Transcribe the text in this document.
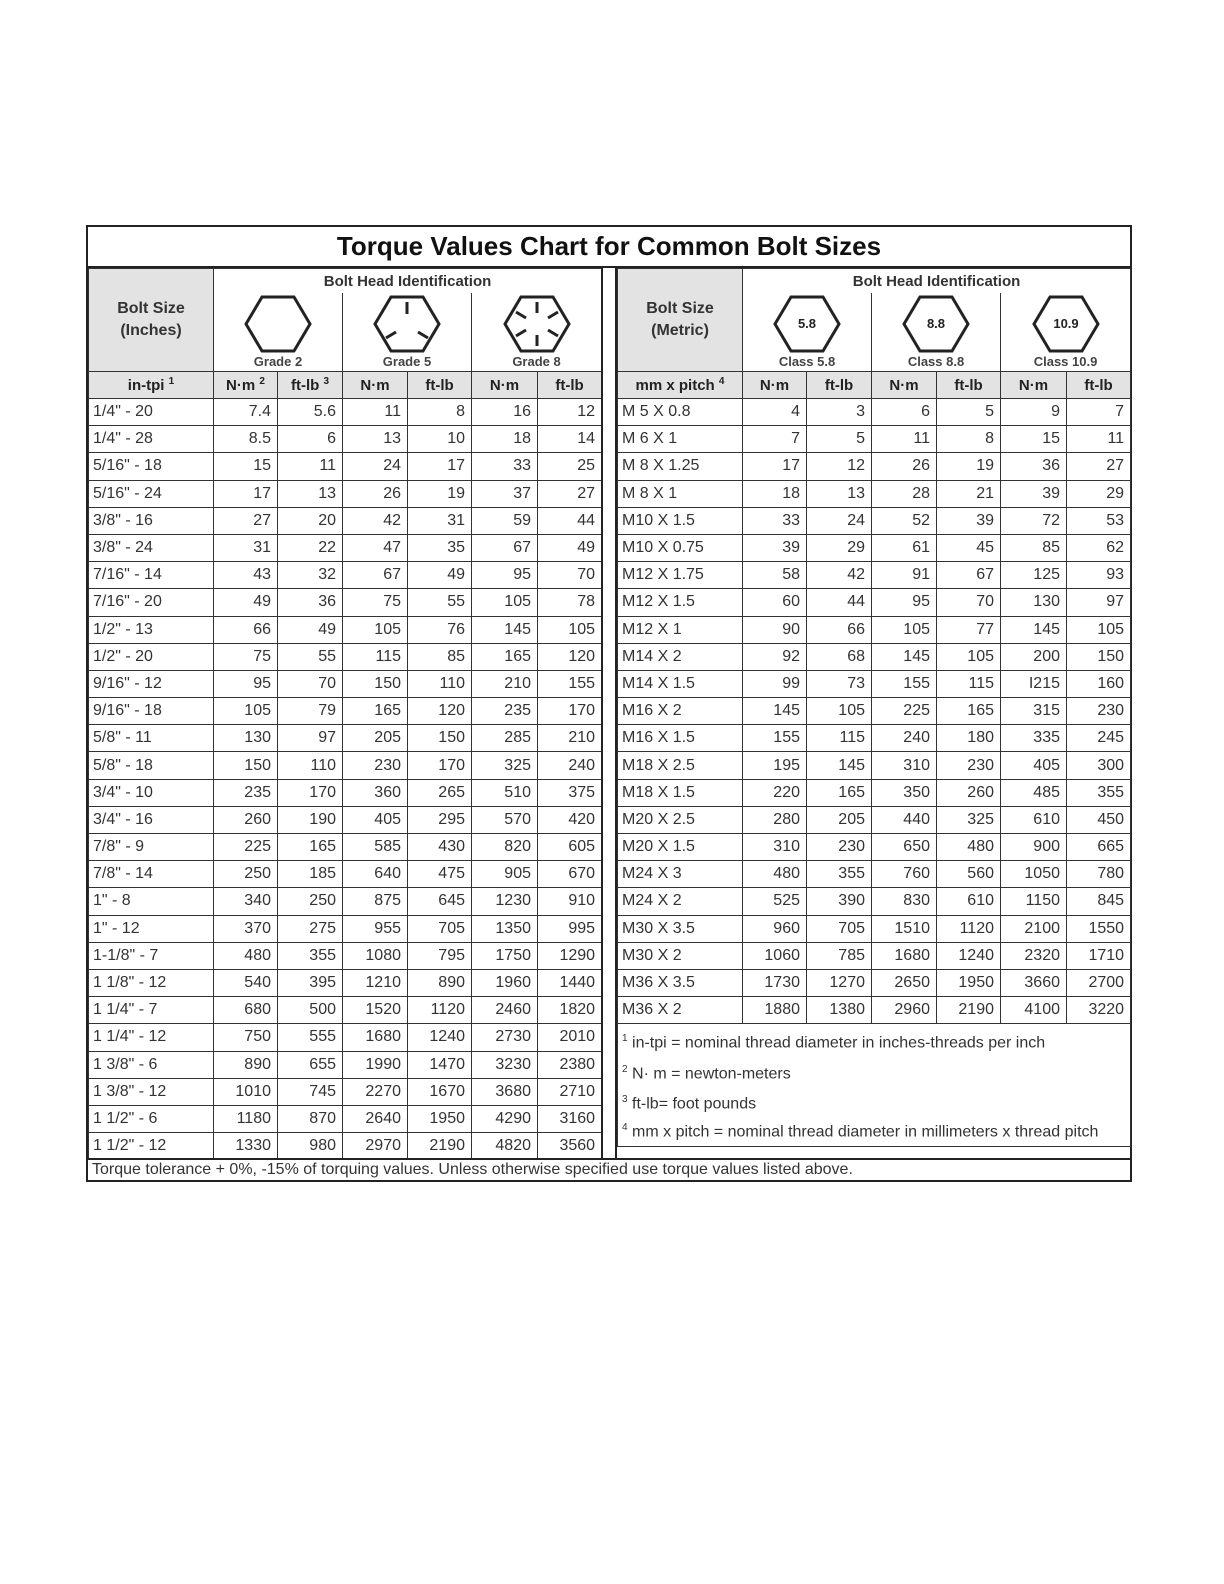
Torque Values Chart for Common Bolt Sizes
Bolt Size
(Inches)	Bolt Head Identification					

	Grade 2		Grade 5		Grade 8	

in-tpi $^1$	N·m $^2$	ft-lb $^3$	N·m	ft-lb	N·m	ft-lb
1/4" - 20	7.4	5.6	11	8	16	12
1/4" - 28	8.5	6	13	10	18	14
5/16" - 18	15	11	24	17	33	25
5/16" - 24	17	13	26	19	37	27
3/8" - 16	27	20	42	31	59	44
3/8" - 24	31	22	47	35	67	49
7/16" - 14	43	32	67	49	95	70
7/16" - 20	49	36	75	55	105	78
1/2" - 13	66	49	105	76	145	105
1/2" - 20	75	55	115	85	165	120
9/16" - 12	95	70	150	110	210	155
9/16" - 18	105	79	165	120	235	170
5/8" - 11	130	97	205	150	285	210
5/8" - 18	150	110	230	170	325	240
3/4" - 10	235	170	360	265	510	375
3/4" - 16	260	190	405	295	570	420
7/8" - 9	225	165	585	430	820	605
7/8" - 14	250	185	640	475	905	670
1" - 8	340	250	875	645	1230	910
1" - 12	370	275	955	705	1350	995
1-1/8" - 7	480	355	1080	795	1750	1290
1 1/8" - 12	540	395	1210	890	1960	1440
1 1/4" - 7	680	500	1520	1120	2460	1820
1 1/4" - 12	750	555	1680	1240	2730	2010
1 3/8" - 6	890	655	1990	1470	3230	2380
1 3/8" - 12	1010	745	2270	1670	3680	2710
1 1/2" - 6	1180	870	2640	1950	4290	3160
1 1/2" - 12	1330	980	2970	2190	4820	3560
Bolt Size
(Metric)	Bolt Head Identification					

5.8
Class 5.8		8.8
Class 8.8		10.9
Class 10.9	

mm x pitch $^4$	N·m	ft-lb	N·m	ft-lb	N·m	ft-lb
M 5 X 0.8	4	3	6	5	9	7
M 6 X 1	7	5	11	8	15	11
M 8 X 1.25	17	12	26	19	36	27
M 8 X 1	18	13	28	21	39	29
M10 X 1.5	33	24	52	39	72	53
M10 X 0.75	39	29	61	45	85	62
M12 X 1.75	58	42	91	67	125	93
M12 X 1.5	60	44	95	70	130	97
M12 X 1	90	66	105	77	145	105
M14 X 2	92	68	145	105	200	150
M14 X 1.5	99	73	155	115	I215	160
M16 X 2	145	105	225	165	315	230
M16 X 1.5	155	115	240	180	335	245
M18 X 2.5	195	145	310	230	405	300
M18 X 1.5	220	165	350	260	485	355
M20 X 2.5	280	205	440	325	610	450
M20 X 1.5	310	230	650	480	900	665
M24 X 3	480	355	760	560	1050	780
M24 X 2	525	390	830	610	1150	845
M30 X 3.5	960	705	1510	1120	2100	1550
M30 X 2	1060	785	1680	1240	2320	1710
M36 X 3.5	1730	1270	2650	1950	3660	2700
M36 X 2	1880	1380	2960	2190	4100	3220

$^1$ in-tpi = nominal thread diameter in inches-threads per inch

$^2$ N· m = newton-meters

$^3$ ft-lb= foot pounds

$^4$ mm x pitch = nominal thread diameter in millimeters x thread pitch						

Torque tolerance + 0%, -15% of torquing values. Unless otherwise specified use torque values listed above.
